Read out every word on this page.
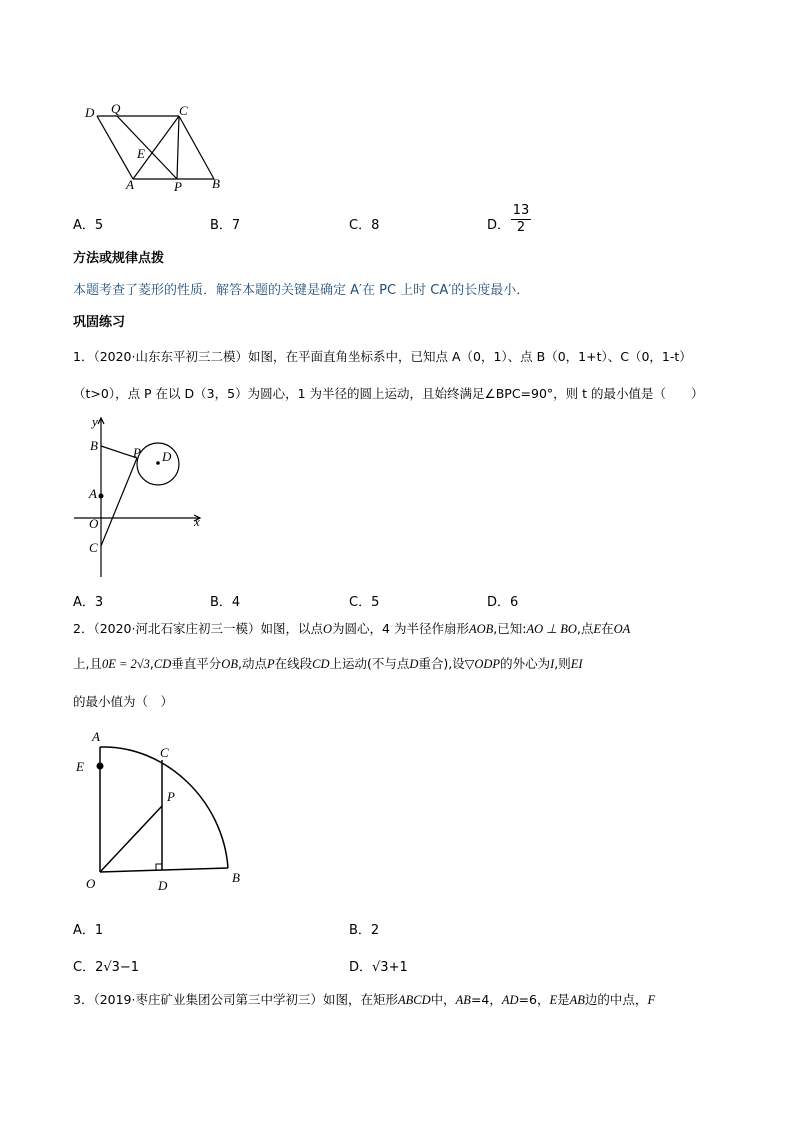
D Q	C
E
A	P B
A．5	B．7	C．8	D． $\frac{13}{2}$
方法或规律点拨
本题考查了菱形的性质．解答本题的关键是确定 A′在 PC 上时 CA′的长度最小．
巩固练习
1．（2020·山东东平初三二模）如图，在平面直角坐标系中，已知点 A（0，1）、点 B（0，1+t）、C（0，1-t）
（t>0），点 P 在以 D（3，5）为圆心，1 为半径的圆上运动，且始终满足∠BPC=90°，则 t 的最小值是（　　）
y
x
B	P D
A
O
C
A．3	B．4	C．5	D．6
2．（2020·河北石家庄初三一模）如图，以点O为圆心，4 为半径作扇形AOB,已知:AO ⊥ BO,点E在OA
上,且0E = 2√3,CD垂直平分OB,动点P在线段CD上运动(不与点D重合),设▽ODP的外心为I,则EI
的最小值为（　）
A
C
E
P
O	D
B
A．1	B．2
C．2√3−1	D．√3+1
3．（2019·枣庄矿业集团公司第三中学初三）如图，在矩形ABCD中，AB=4，AD=6，E是AB边的中点，F
